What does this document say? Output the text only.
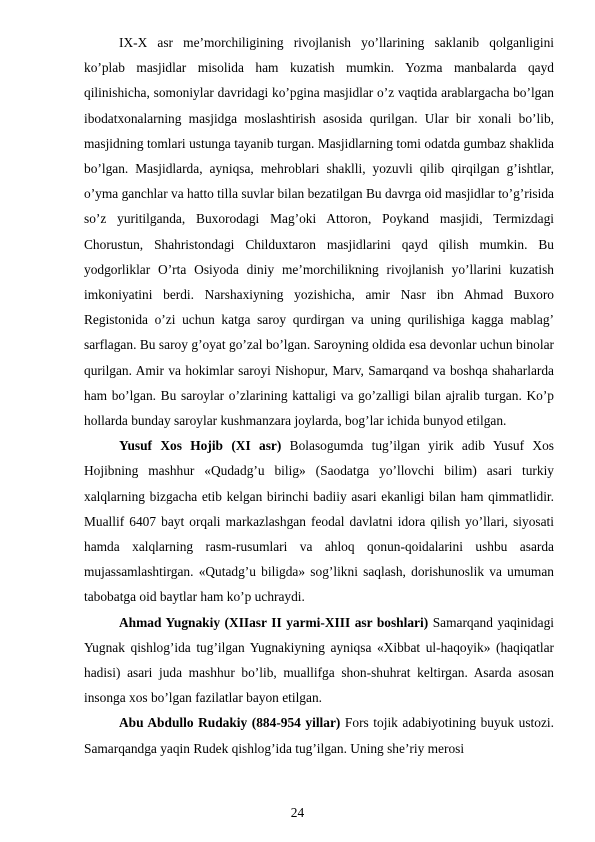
IX-X asr me’morchiligining rivojlanish yo’llarining saklanib qolganligini ko’plab masjidlar misolida ham kuzatish mumkin. Yozma manbalarda qayd qilinishicha, somoniylar davridagi ko’pgina masjidlar o’z vaqtida arablargacha bo’lgan ibodatxonalarning masjidga moslashtirish asosida qurilgan. Ular bir xonali bo’lib, masjidning tomlari ustunga tayanib turgan. Masjidlarning tomi odatda gumbaz shaklida bo’lgan. Masjidlarda, ayniqsa, mehroblari shaklli, yozuvli qilib qirqilgan g’ishtlar, o’yma ganchlar va hatto tilla suvlar bilan bezatilgan Bu davrga oid masjidlar to’g’risida so’z yuritilganda, Buxorodagi Mag’oki Attoron, Poykand masjidi, Termizdagi Chorustun, Shahristondagi Childuxtaron masjidlarini qayd qilish mumkin. Bu yodgorliklar O’rta Osiyoda diniy me’morchilikning rivojlanish yo’llarini kuzatish imkoniyatini berdi. Narshaxiyning yozishicha, amir Nasr ibn Ahmad Buxoro Registonida o’zi uchun katga saroy qurdirgan va uning qurilishiga kagga mablag’ sarflagan. Bu saroy g’oyat go’zal bo’lgan. Saroyning oldida esa devonlar uchun binolar qurilgan. Amir va hokimlar saroyi Nishopur, Marv, Samarqand va boshqa shaharlarda ham bo’lgan. Bu saroylar o’zlarining kattaligi va go’zalligi bilan ajralib turgan. Ko’p hollarda bunday saroylar kushmanzara joylarda, bog’lar ichida bunyod etilgan.

Yusuf Xos Hojib (XI asr) Bolasogumda tug’ilgan yirik adib Yusuf Xos Hojibning mashhur «Qudadg’u bilig» (Saodatga yo’llovchi bilim) asari turkiy xalqlarning bizgacha etib kelgan birinchi badiiy asari ekanligi bilan ham qimmatlidir. Muallif 6407 bayt orqali markazlashgan feodal davlatni idora qilish yo’llari, siyosati hamda xalqlarning rasm-rusumlari va ahloq qonun-qoidalarini ushbu asarda mujassamlashtirgan. «Qutadg’u biligda» sog’likni saqlash, dorishunoslik va umuman tabobatga oid baytlar ham ko’p uchraydi.

Ahmad Yugnakiy (XIIasr II yarmi-XIII asr boshlari) Samarqand yaqinidagi Yugnak qishlog’ida tug’ilgan Yugnakiyning ayniqsa «Xibbat ul-haqoyik» (haqiqatlar hadisi) asari juda mashhur bo’lib, muallifga shon-shuhrat keltirgan. Asarda asosan insonga xos bo’lgan fazilatlar bayon etilgan.

Abu Abdullo Rudakiy (884-954 yillar) Fors tojik adabiyotining buyuk ustozi. Samarqandga yaqin Rudek qishlog’ida tug’ilgan. Uning she’riy merosi

24
